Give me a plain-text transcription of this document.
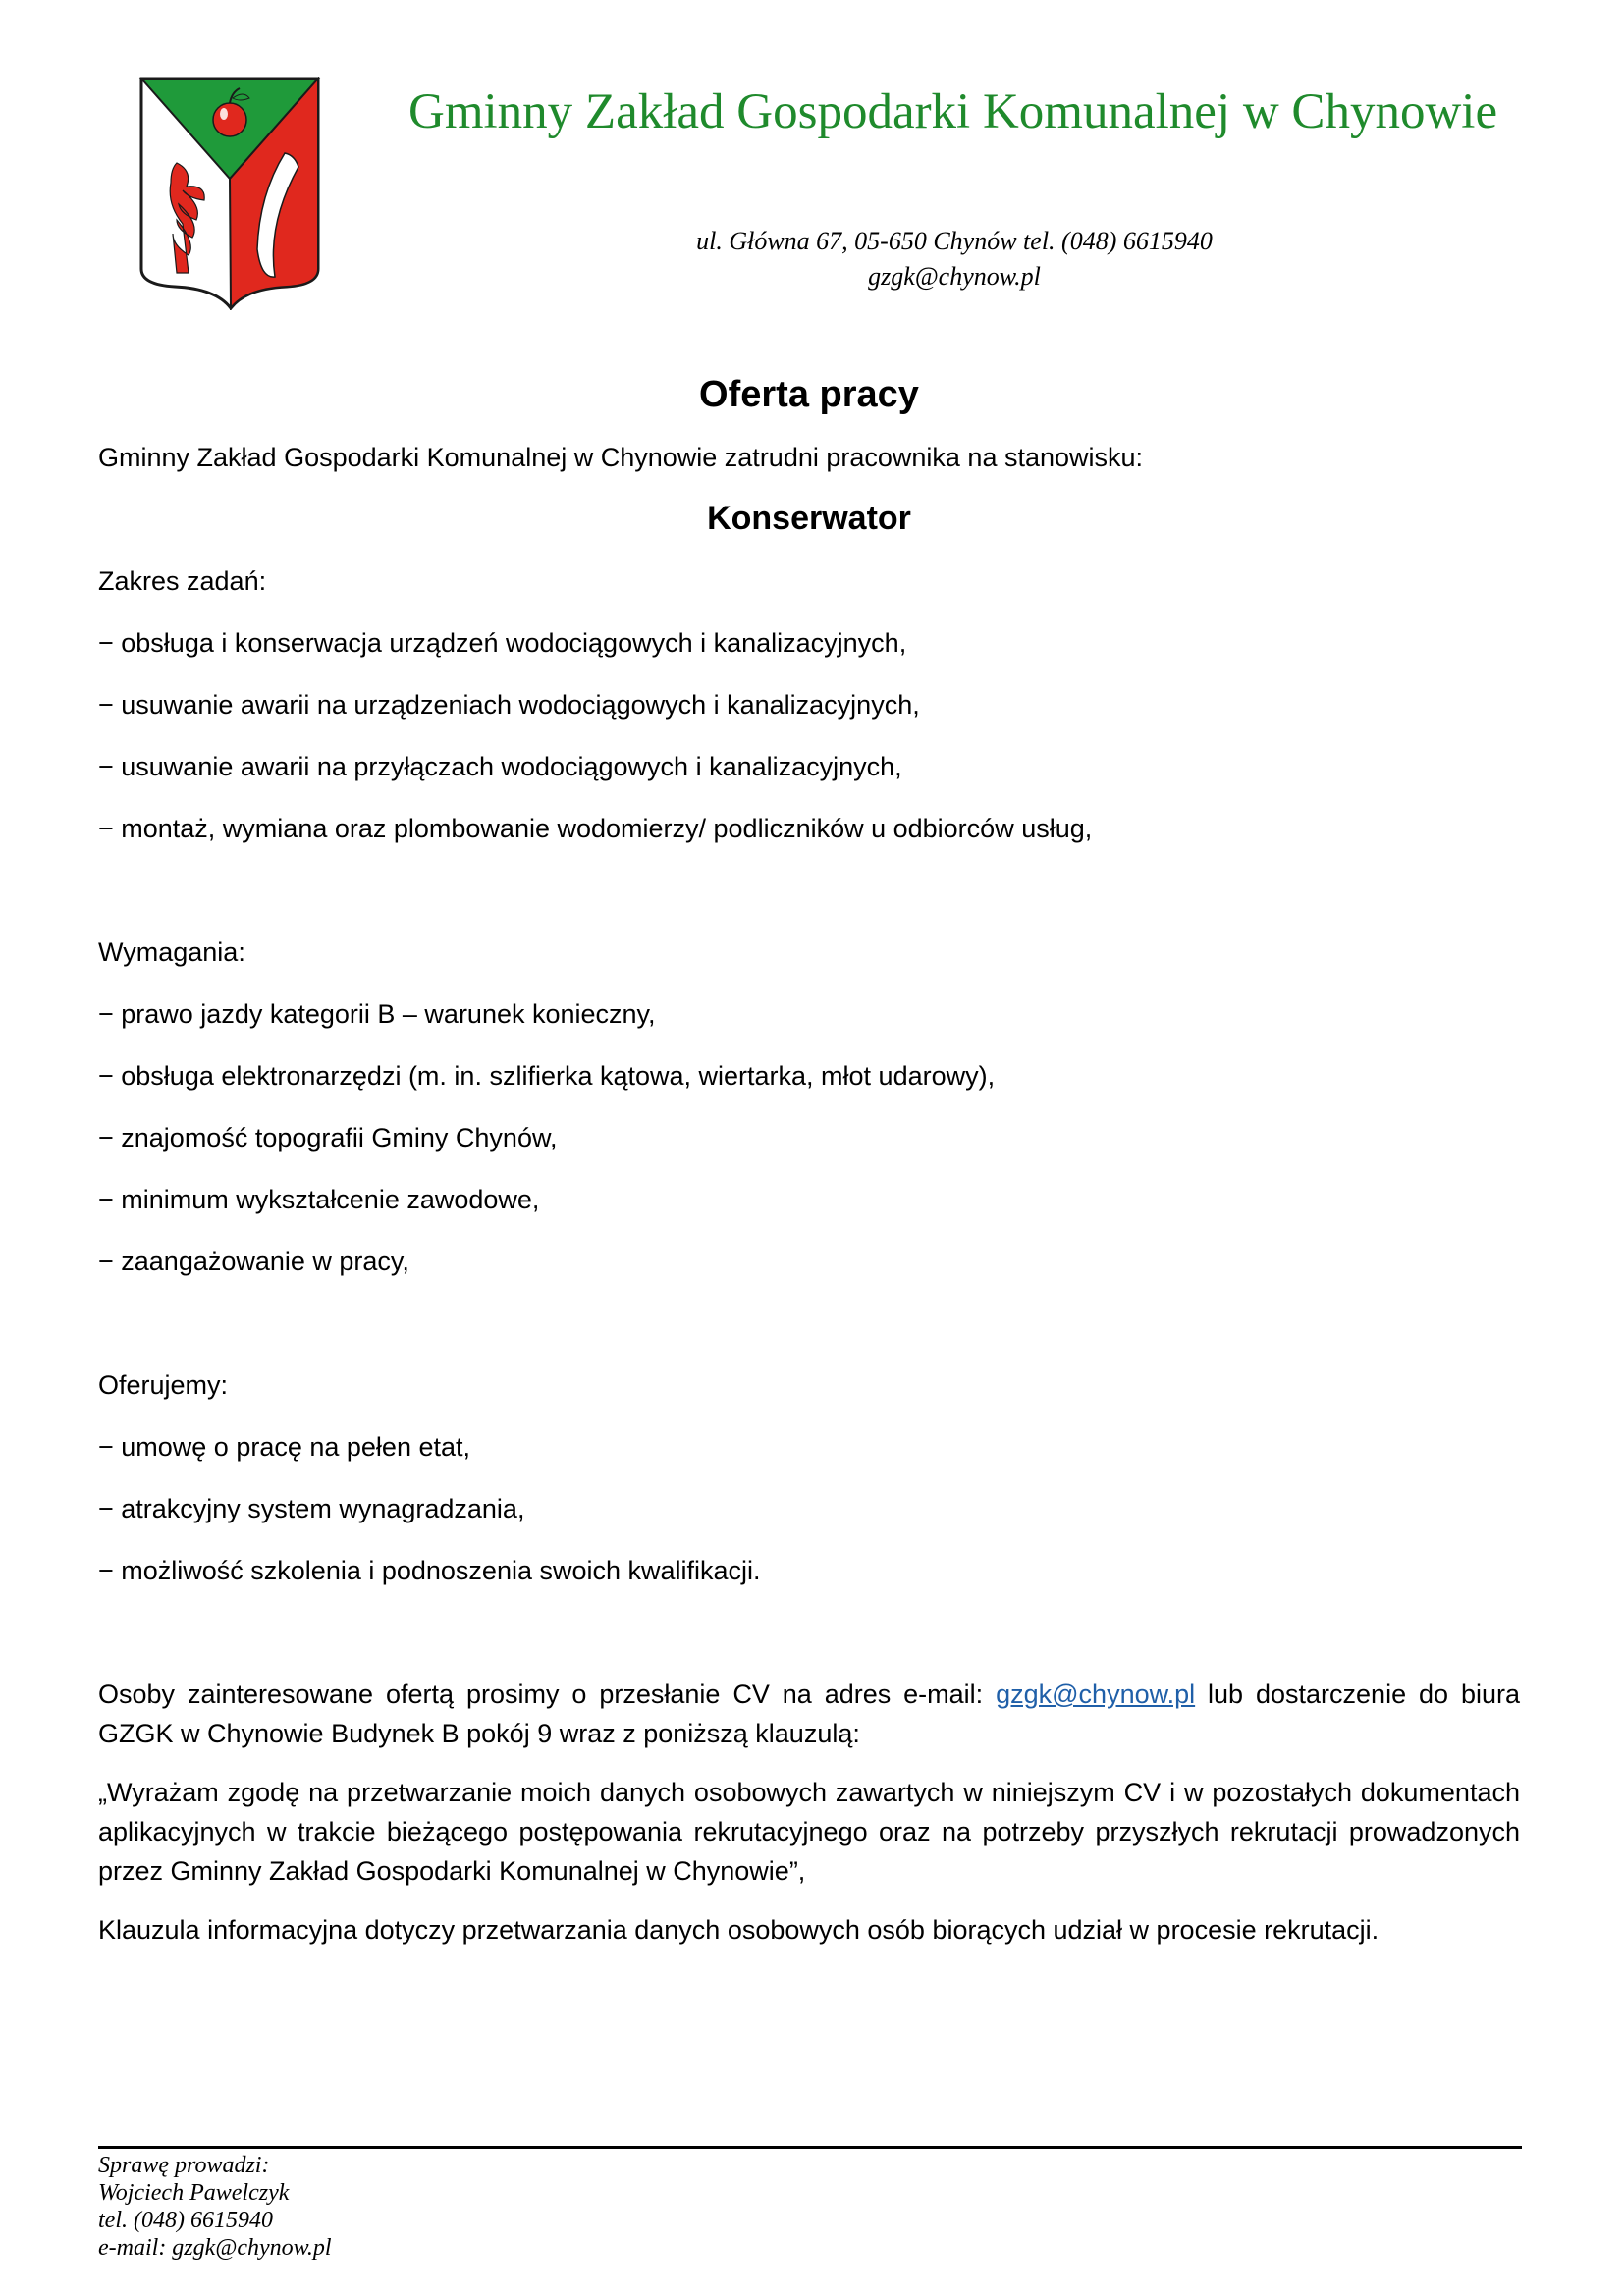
Gminny Zakład Gospodarki Komunalnej w Chynowie
ul. Główna 67, 05-650 Chynów tel. (048) 6615940
gzgk@chynow.pl
Oferta pracy
Gminny Zakład Gospodarki Komunalnej w Chynowie zatrudni pracownika na stanowisku:
Konserwator
Zakres zadań:
− obsługa i konserwacja urządzeń wodociągowych i kanalizacyjnych,
− usuwanie awarii na urządzeniach wodociągowych i kanalizacyjnych,
− usuwanie awarii na przyłączach wodociągowych i kanalizacyjnych,
− montaż, wymiana oraz plombowanie wodomierzy/ podliczników u odbiorców usług,
Wymagania:
− prawo jazdy kategorii B – warunek konieczny,
− obsługa elektronarzędzi (m. in. szlifierka kątowa, wiertarka, młot udarowy),
− znajomość topografii Gminy Chynów,
− minimum wykształcenie zawodowe,
− zaangażowanie w pracy,
Oferujemy:
− umowę o pracę na pełen etat,
− atrakcyjny system wynagradzania,
− możliwość szkolenia i podnoszenia swoich kwalifikacji.
Osoby zainteresowane ofertą prosimy o przesłanie CV na adres e-mail: gzgk@chynow.pl lub dostarczenie do biura GZGK w Chynowie Budynek B pokój 9 wraz z poniższą klauzulą:
„Wyrażam zgodę na przetwarzanie moich danych osobowych zawartych w niniejszym CV i w pozostałych dokumentach aplikacyjnych w trakcie bieżącego postępowania rekrutacyjnego oraz na potrzeby przyszłych rekrutacji prowadzonych przez Gminny Zakład Gospodarki Komunalnej w Chynowie”,
Klauzula informacyjna dotyczy przetwarzania danych osobowych osób biorących udział w procesie rekrutacji.
Sprawę prowadzi:
Wojciech Pawelczyk
tel. (048) 6615940
e-mail: gzgk@chynow.pl
